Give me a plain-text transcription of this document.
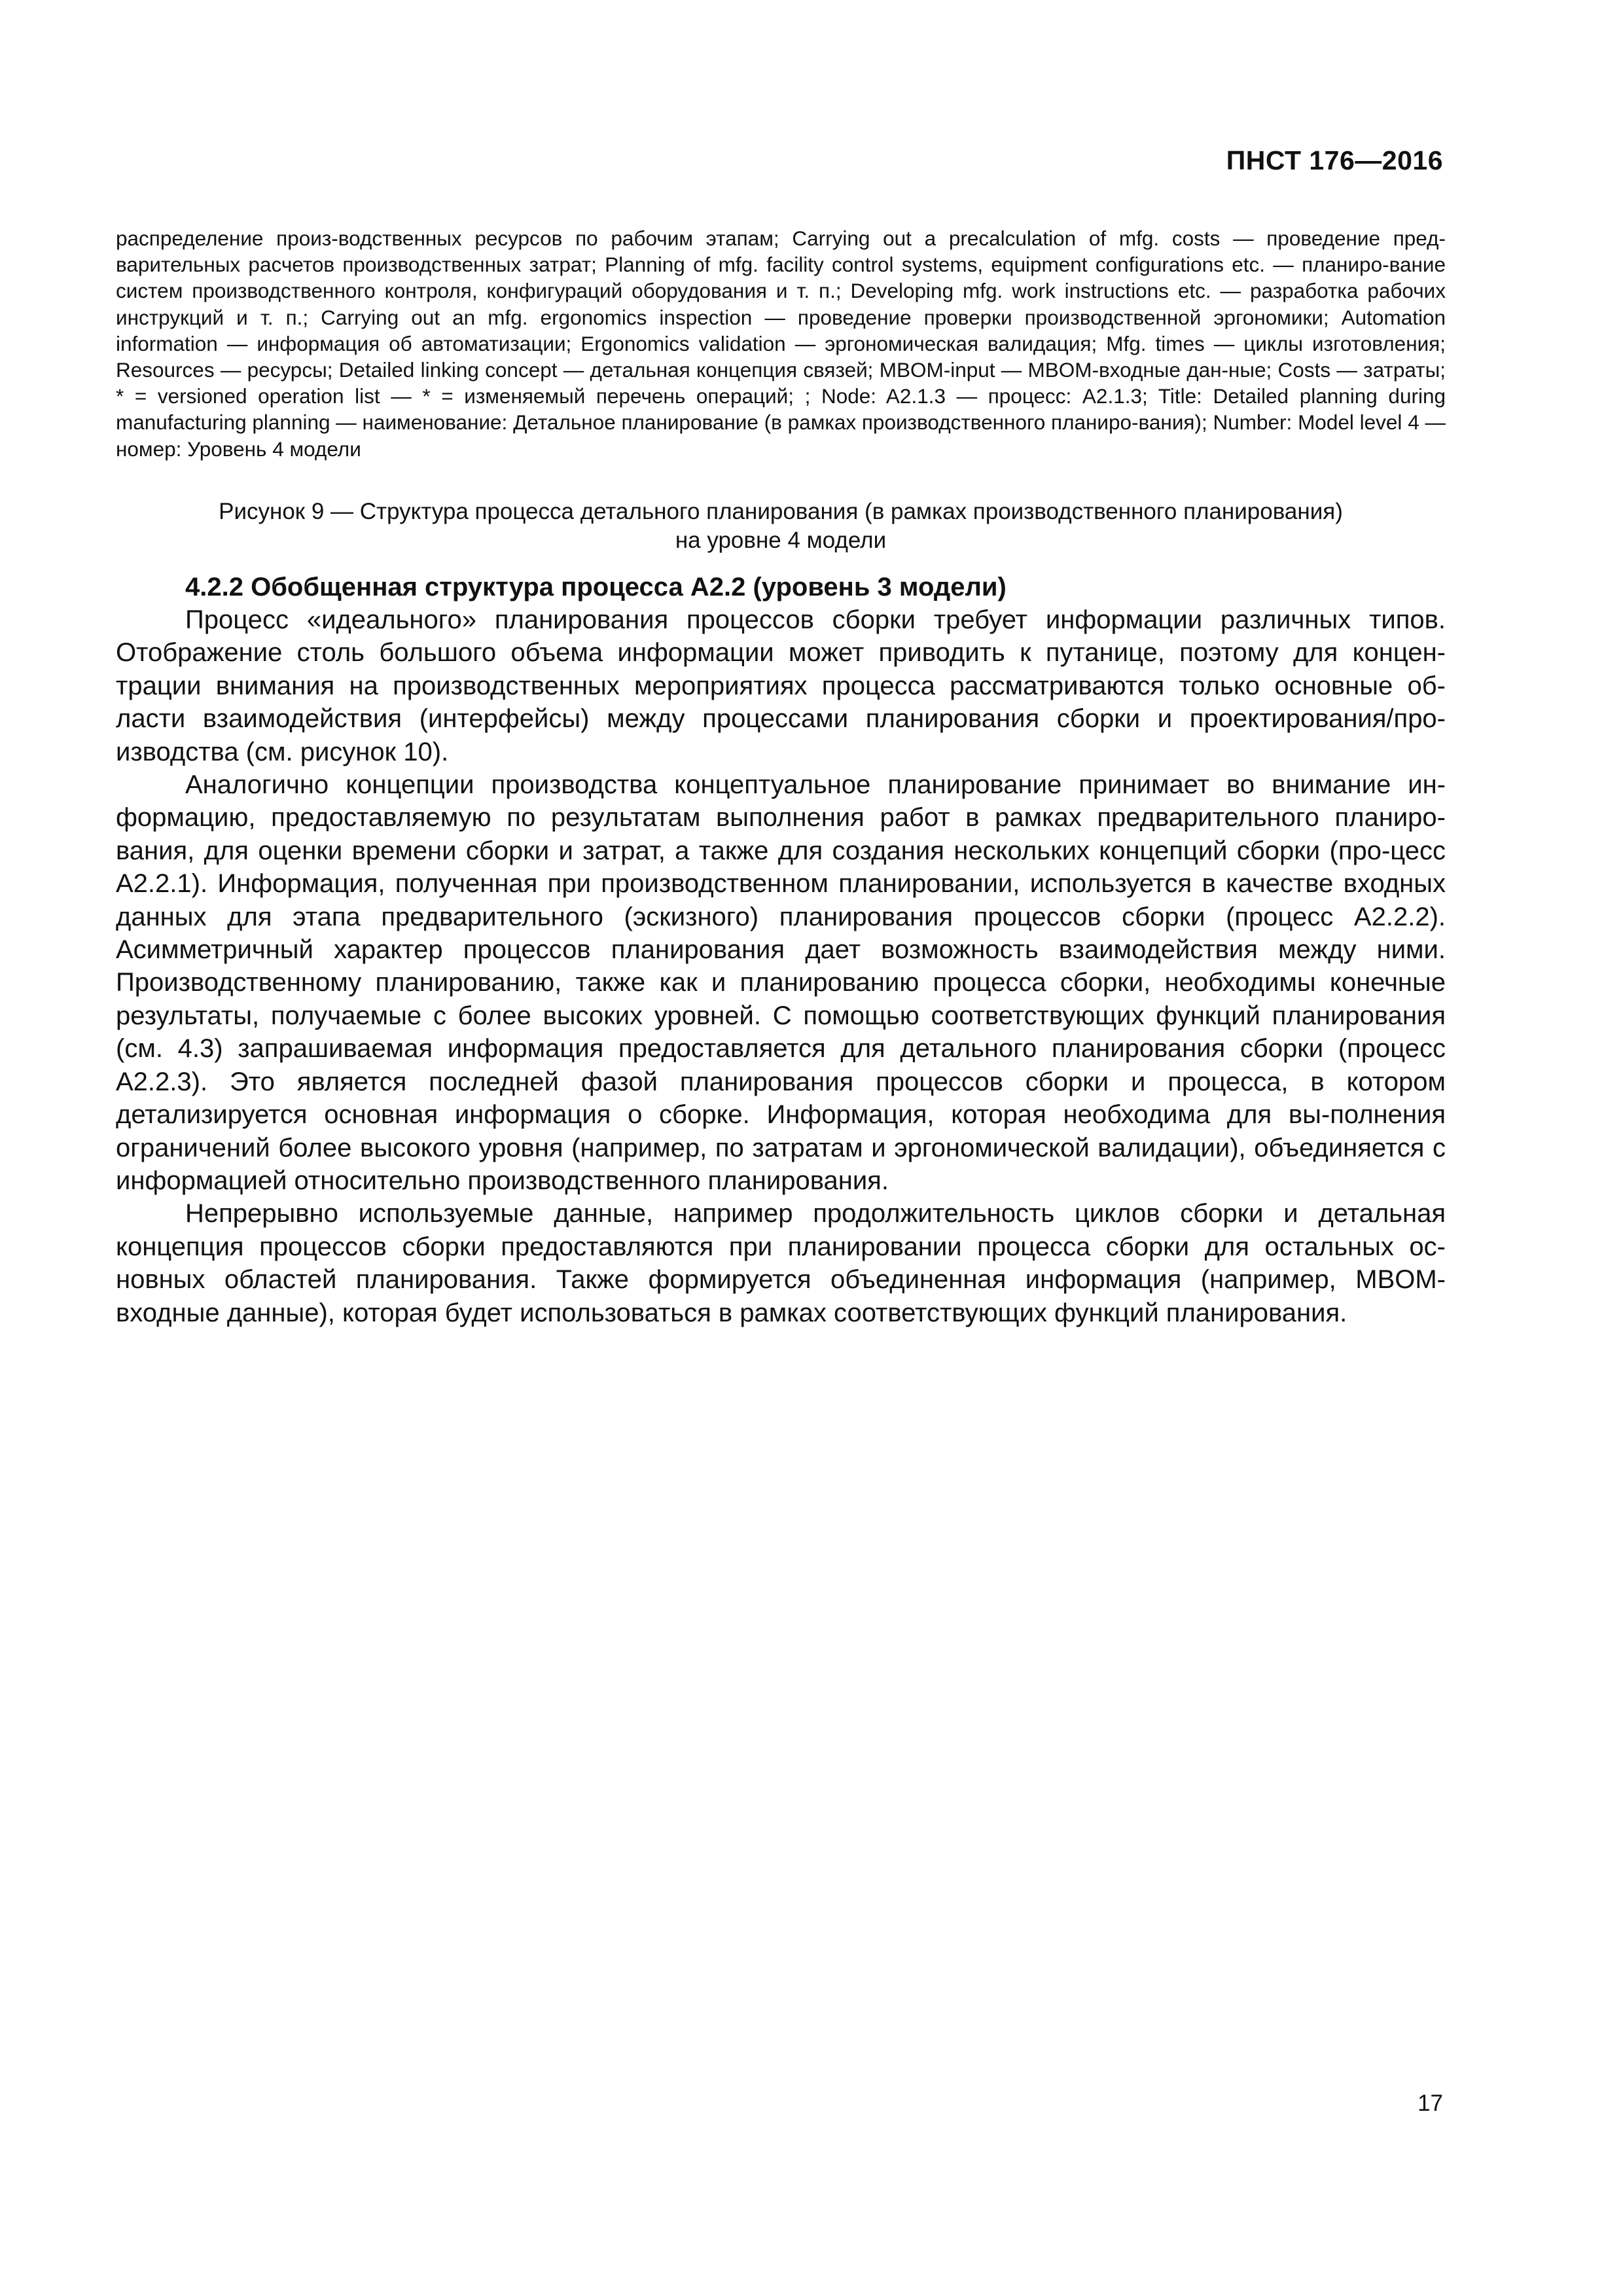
ПНСТ 176—2016
распределение произ-водственных ресурсов по рабочим этапам; Carrying out a precalculation of mfg. costs — проведение пред-варительных расчетов производственных затрат; Planning of mfg. facility control systems, equipment configurations etc. — планиро-вание систем производственного контроля, конфигураций оборудования и т. п.; Developing mfg. work instructions etc. — разработка рабочих инструкций и т. п.; Carrying out an mfg. ergonomics inspection — проведение проверки производственной эргономики; Automation information — информация об автоматизации; Ergonomics validation — эргономическая валидация; Mfg. times — циклы изготовления; Resources — ресурсы; Detailed linking concept — детальная концепция связей; MBOM-input — MBOM-входные дан-ные; Costs — затраты; * = versioned operation list — * = изменяемый перечень операций; ; Node: A2.1.3 — процесс: A2.1.3; Title: Detailed planning during manufacturing planning — наименование: Детальное планирование (в рамках производственного планиро-вания); Number: Model level 4 — номер: Уровень 4 модели
Рисунок 9 — Структура процесса детального планирования (в рамках производственного планирования)
на уровне 4 модели
4.2.2 Обобщенная структура процесса А2.2 (уровень 3 модели)

Процесс «идеального» планирования процессов сборки требует информации различных типов. Отображение столь большого объема информации может приводить к путанице, поэтому для концен-трации внимания на производственных мероприятиях процесса рассматриваются только основные об-ласти взаимодействия (интерфейсы) между процессами планирования сборки и проектирования/про-изводства (см. рисунок 10).

Аналогично концепции производства концептуальное планирование принимает во внимание ин-формацию, предоставляемую по результатам выполнения работ в рамках предварительного планиро-вания, для оценки времени сборки и затрат, а также для создания нескольких концепций сборки (про-цесс А2.2.1). Информация, полученная при производственном планировании, используется в качестве входных данных для этапа предварительного (эскизного) планирования процессов сборки (процесс А2.2.2). Асимметричный характер процессов планирования дает возможность взаимодействия между ними. Производственному планированию, также как и планированию процесса сборки, необходимы конечные результаты, получаемые с более высоких уровней. С помощью соответствующих функций планирования (см. 4.3) запрашиваемая информация предоставляется для детального планирования сборки (процесс А2.2.3). Это является последней фазой планирования процессов сборки и процесса, в котором детализируется основная информация о сборке. Информация, которая необходима для вы-полнения ограничений более высокого уровня (например, по затратам и эргономической валидации), объединяется с информацией относительно производственного планирования.

Непрерывно используемые данные, например продолжительность циклов сборки и детальная концепция процессов сборки предоставляются при планировании процесса сборки для остальных ос-новных областей планирования. Также формируется объединенная информация (например, MBOM-входные данные), которая будет использоваться в рамках соответствующих функций планирования.

17
